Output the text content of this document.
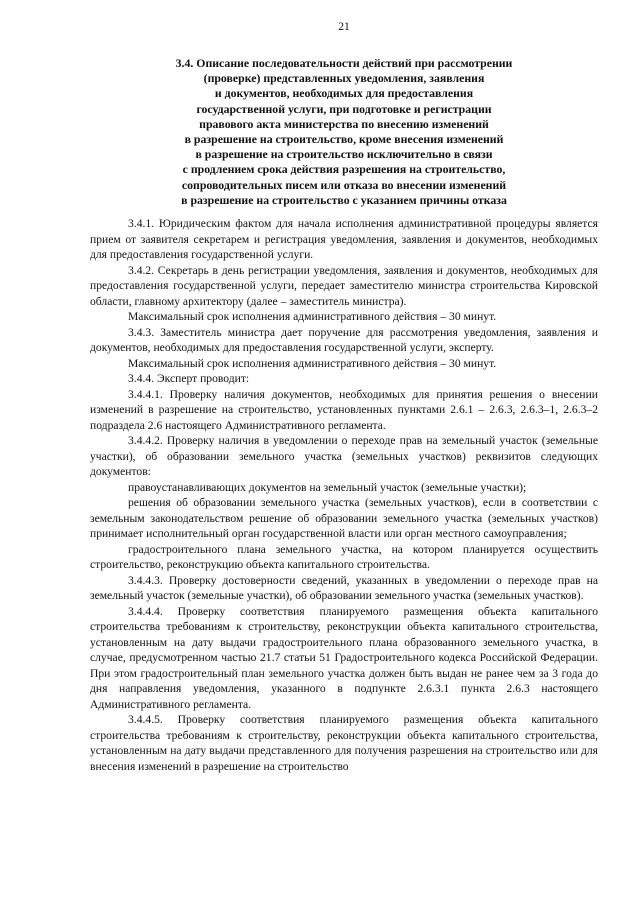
21
3.4. Описание последовательности действий при рассмотрении
(проверке) представленных уведомления, заявления
и документов, необходимых для предоставления
государственной услуги, при подготовке и регистрации
правового акта министерства по внесению изменений
в разрешение на строительство, кроме внесения изменений
в разрешение на строительство исключительно в связи
с продлением срока действия разрешения на строительство,
сопроводительных писем или отказа во внесении изменений
в разрешение на строительство с указанием причины отказа

3.4.1. Юридическим фактом для начала исполнения административной процедуры является прием от заявителя секретарем и регистрация уведомления, заявления и документов, необходимых для предоставления государственной услуги.

3.4.2. Секретарь в день регистрации уведомления, заявления и документов, необходимых для предоставления государственной услуги, передает заместителю министра строительства Кировской области, главному архитектору (далее – заместитель министра).

Максимальный срок исполнения административного действия – 30 минут.

3.4.3. Заместитель министра дает поручение для рассмотрения уведомления, заявления и документов, необходимых для предоставления государственной услуги, эксперту.

Максимальный срок исполнения административного действия – 30 минут.

3.4.4. Эксперт проводит:

3.4.4.1. Проверку наличия документов, необходимых для принятия решения о внесении изменений в разрешение на строительство, установленных пунктами 2.6.1 – 2.6.3, 2.6.3–1, 2.6.3–2 подраздела 2.6 настоящего Административного регламента.

3.4.4.2. Проверку наличия в уведомлении о переходе прав на земельный участок (земельные участки), об образовании земельного участка (земельных участков) реквизитов следующих документов:

правоустанавливающих документов на земельный участок (земельные участки);

решения об образовании земельного участка (земельных участков), если в соответствии с земельным законодательством решение об образовании земельного участка (земельных участков) принимает исполнительный орган государственной власти или орган местного самоуправления;

градостроительного плана земельного участка, на котором планируется осуществить строительство, реконструкцию объекта капитального строительства.

3.4.4.3. Проверку достоверности сведений, указанных в уведомлении о переходе прав на земельный участок (земельные участки), об образовании земельного участка (земельных участков).

3.4.4.4. Проверку соответствия планируемого размещения объекта капитального строительства требованиям к строительству, реконструкции объекта капитального строительства, установленным на дату выдачи градостроительного плана образованного земельного участка, в случае, предусмотренном частью 21.7 статьи 51 Градостроительного кодекса Российской Федерации. При этом градостроительный план земельного участка должен быть выдан не ранее чем за 3 года до дня направления уведомления, указанного в подпункте 2.6.3.1 пункта 2.6.3 настоящего Административного регламента.

3.4.4.5. Проверку соответствия планируемого размещения объекта капитального строительства требованиям к строительству, реконструкции объекта капитального строительства, установленным на дату выдачи представленного для получения разрешения на строительство или для внесения изменений в разрешение на строительство
